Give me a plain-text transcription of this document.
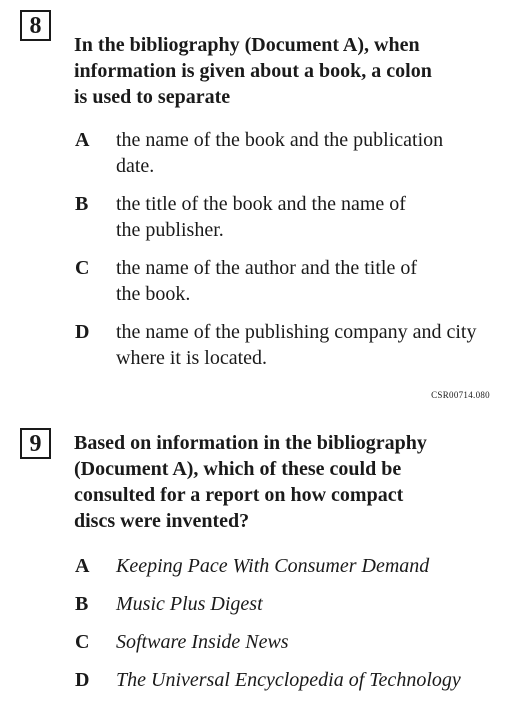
8
In the bibliography (Document A), when
information is given about a book, a colon
is used to separate
A the name of the book and the publication
date.
B the title of the book and the name of
the publisher.
C the name of the author and the title of
the book.
D the name of the publishing company and city
where it is located.
CSR00714.080
9	Based on information in the bibliography
(Document A), which of these could be
consulted for a report on how compact
discs were invented?
A Keeping Pace With Consumer Demand
B Music Plus Digest
C Software Inside News
D The Universal Encyclopedia of Technology
